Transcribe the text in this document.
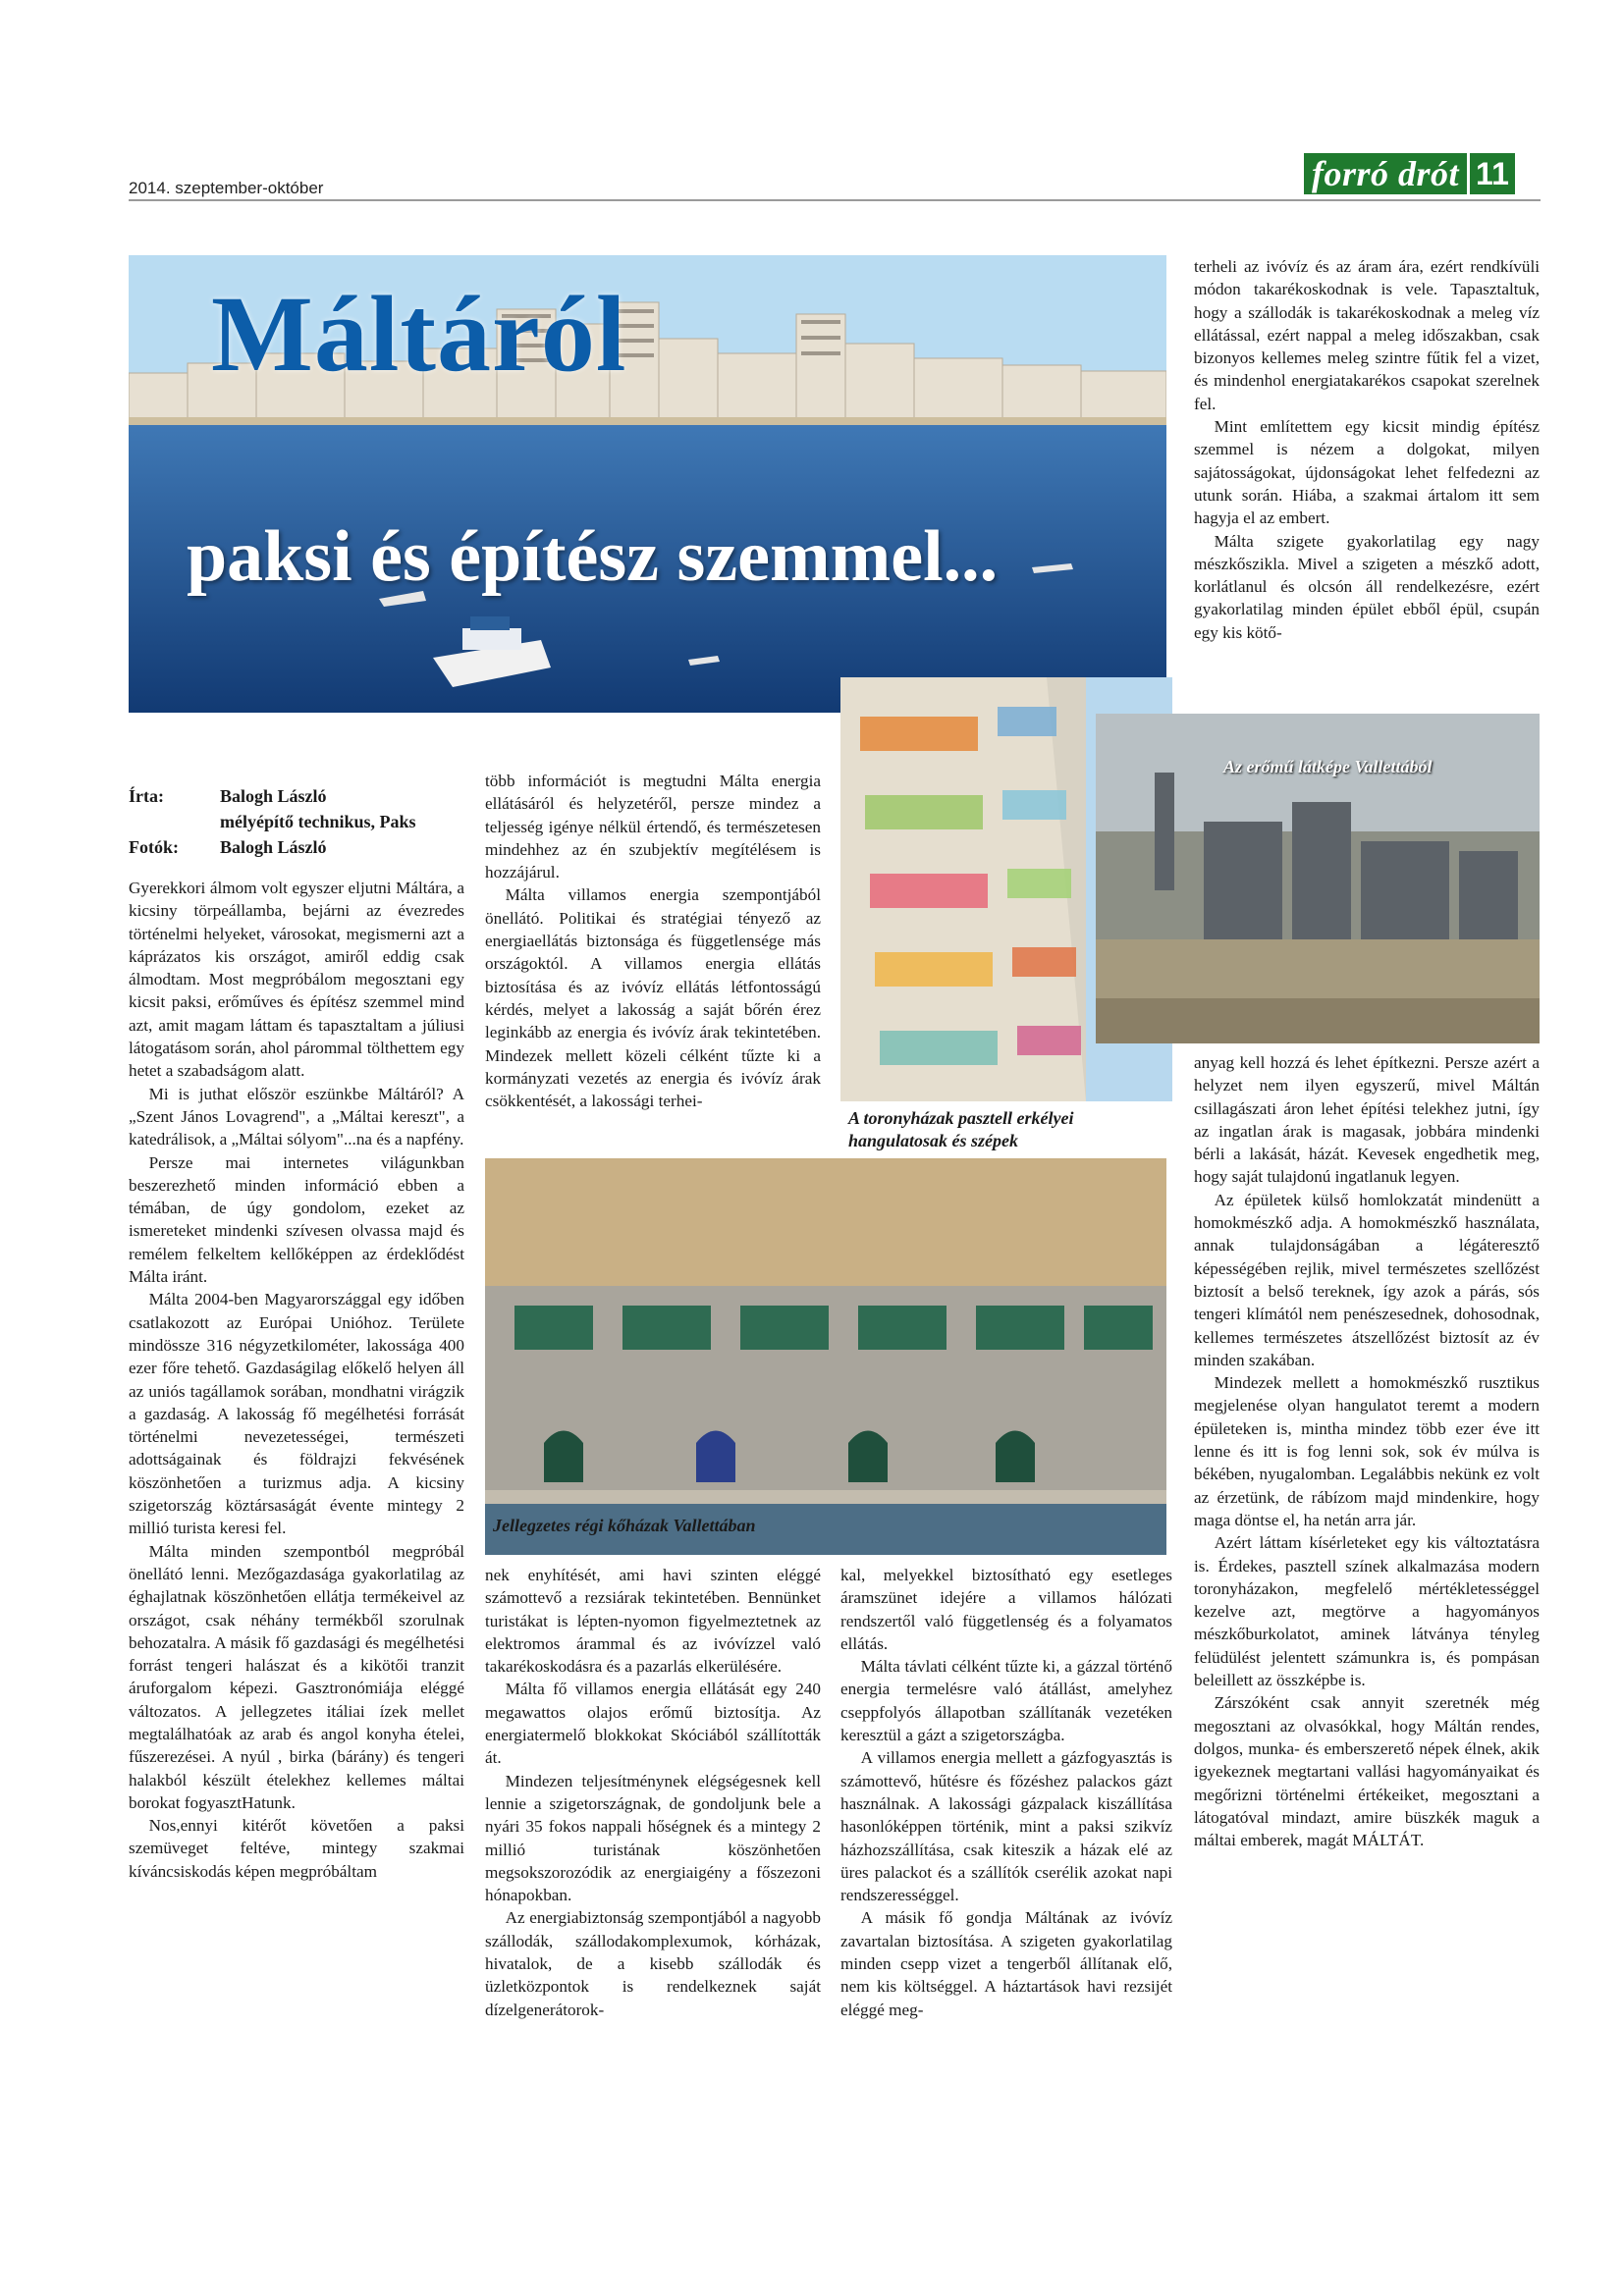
2014. szeptember-október	forró drót 11
Máltáról
paksi és építész szemmel...
Írta:	Balogh László
mélyépítő technikus, Paks
Fotók: Balogh László

Gyerekkori álmom volt egyszer eljutni Máltára, a kicsiny törpeállamba, bejárni az évezredes történelmi helyeket, városokat, megismerni azt a káprázatos kis országot, amiről eddig csak álmodtam. Most megpróbálom megosztani egy kicsit paksi, erőműves és építész szemmel mind azt, amit magam láttam és tapasztaltam a júliusi látogatásom során, ahol párommal tölthettem egy hetet a szabadságom alatt.

Mi is juthat először eszünkbe Máltáról? A „Szent János Lovagrend", a „Máltai kereszt", a katedrálisok, a „Máltai sólyom"...na és a napfény.

Persze mai internetes világunkban beszerezhető minden információ ebben a témában, de úgy gondolom, ezeket az ismereteket mindenki szívesen olvassa majd és remélem felkeltem kellőképpen az érdeklődést Málta iránt.

Málta 2004-ben Magyarországgal egy időben csatlakozott az Európai Unióhoz. Területe mindössze 316 négyzetkilométer, lakossága 400 ezer főre tehető. Gazdaságilag előkelő helyen áll az uniós tagállamok sorában, mondhatni virágzik a gazdaság. A lakosság fő megélhetési forrását történelmi nevezetességei, természeti adottságainak és földrajzi fekvésének köszönhetően a turizmus adja. A kicsiny szigetország köztársaságát évente mintegy 2 millió turista keresi fel.

Málta minden szempontból megpróbál önellátó lenni. Mezőgazdasága gyakorlatilag az éghajlatnak köszönhetően ellátja termékeivel az országot, csak néhány termékből szorulnak behozatalra. A másik fő gazdasági és megélhetési forrást tengeri halászat és a kikötői tranzit áruforgalom képezi. Gasztronómiája eléggé változatos. A jellegzetes itáliai ízek mellet megtalálhatóak az arab és angol konyha ételei, fűszerezései. A nyúl , birka (bárány) és tengeri halakból készült ételekhez kellemes máltai borokat fogyasztHatunk.

Nos,ennyi kitérőt követően a paksi szemüveget feltéve, mintegy szakmai kíváncsiskodás képen megpróbáltam

több információt is megtudni Málta energia ellátásáról és helyzetéről, persze mindez a teljesség igénye nélkül értendő, és természetesen mindehhez az én szubjektív megítélésem is hozzájárul.

Málta villamos energia szempontjából önellátó. Politikai és stratégiai tényező az energiaellátás biztonsága és függetlensége más országoktól. A villamos energia ellátás biztosítása és az ivóvíz ellátás létfontosságú kérdés, melyet a lakosság a saját bőrén érez leginkább az energia és ivóvíz árak tekintetében. Mindezek mellett közeli célként tűzte ki a kormányzati vezetés az energia és ivóvíz árak csökkentését, a lakossági terhei-

A toronyházak pasztell erkélyei hangulatosak és szépek
Az erőmű látképe Vallettából

terheli az ivóvíz és az áram ára, ezért rendkívüli módon takarékoskodnak is vele. Tapasztaltuk, hogy a szállodák is takarékoskodnak a meleg víz ellátással, ezért nappal a meleg időszakban, csak bizonyos kellemes meleg szintre fűtik fel a vizet, és mindenhol energiatakarékos csapokat szerelnek fel.

Mint említettem egy kicsit mindig építész szemmel is nézem a dolgokat, milyen sajátosságokat, újdonságokat lehet felfedezni az utunk során. Hiába, a szakmai ártalom itt sem hagyja el az embert.

Málta szigete gyakorlatilag egy nagy mészkőszikla. Mivel a szigeten a mészkő adott, korlátlanul és olcsón áll rendelkezésre, ezért gyakorlatilag minden épület ebből épül, csupán egy kis kötő-

Jellegzetes régi kőházak Vallettában

nek enyhítését, ami havi szinten eléggé számottevő a rezsiárak tekintetében. Bennünket turistákat is lépten-nyomon figyelmeztetnek az elektromos árammal és az ivóvízzel való takarékoskodásra és a pazarlás elkerülésére.

Málta fő villamos energia ellátását egy 240 megawattos olajos erőmű biztosítja. Az energiatermelő blokkokat Skóciából szállították át.

Mindezen teljesítménynek elégségesnek kell lennie a szigetországnak, de gondoljunk bele a nyári 35 fokos nappali hőségnek és a mintegy 2 millió turistának köszönhetően megsokszorozódik az energiaigény a főszezoni hónapokban.

Az energiabiztonság szempontjából a nagyobb szállodák, szállodakomplexumok, kórházak, hivatalok, de a kisebb szállodák és üzletközpontok is rendelkeznek saját dízelgenerátorok-

kal, melyekkel biztosítható egy esetleges áramszünet idejére a villamos hálózati rendszertől való függetlenség és a folyamatos ellátás.

Málta távlati célként tűzte ki, a gázzal történő energia termelésre való átállást, amelyhez cseppfolyós állapotban szállítanák vezetéken keresztül a gázt a szigetországba.

A villamos energia mellett a gázfogyasztás is számottevő, hűtésre és főzéshez palackos gázt használnak. A lakossági gázpalack kiszállítása hasonlóképpen történik, mint a paksi szikvíz házhozszállítása, csak kiteszik a házak elé az üres palackot és a szállítók cserélik azokat napi rendszerességgel.

A másik fő gondja Máltának az ivóvíz zavartalan biztosítása. A szigeten gyakorlatilag minden csepp vizet a tengerből állítanak elő, nem kis költséggel. A háztartások havi rezsijét eléggé meg-

anyag kell hozzá és lehet építkezni. Persze azért a helyzet nem ilyen egyszerű, mivel Máltán csillagászati áron lehet építési telekhez jutni, így az ingatlan árak is magasak, jobbára mindenki bérli a lakását, házát. Kevesek engedhetik meg, hogy saját tulajdonú ingatlanuk legyen.

Az épületek külső homlokzatát mindenütt a homokmészkő adja. A homokmészkő használata, annak tulajdonságában a légáteresztő képességében rejlik, mivel természetes szellőzést biztosít a belső tereknek, így azok a párás, sós tengeri klímától nem penészesednek, dohosodnak, kellemes természetes átszellőzést biztosít az év minden szakában.

Mindezek mellett a homokmészkő rusztikus megjelenése olyan hangulatot teremt a modern épületeken is, mintha mindez több ezer éve itt lenne és itt is fog lenni sok, sok év múlva is békében, nyugalomban. Legalábbis nekünk ez volt az érzetünk, de rábízom majd mindenkire, hogy maga döntse el, ha netán arra jár.

Azért láttam kísérleteket egy kis változtatásra is. Érdekes, pasztell színek alkalmazása modern toronyházakon, megfelelő mértékletességgel kezelve azt, megtörve a hagyományos mészkőburkolatot, aminek látványa tényleg felüdülést jelentett számunkra is, és pompásan beleillett az összképbe is.

Zárszóként csak annyit szeretnék még megosztani az olvasókkal, hogy Máltán rendes, dolgos, munka- és emberszerető népek élnek, akik igyekeznek megtartani vallási hagyományaikat és megőrizni történelmi értékeiket, megosztani a látogatóval mindazt, amire büszkék maguk a máltai emberek, magát MÁLTÁT.
